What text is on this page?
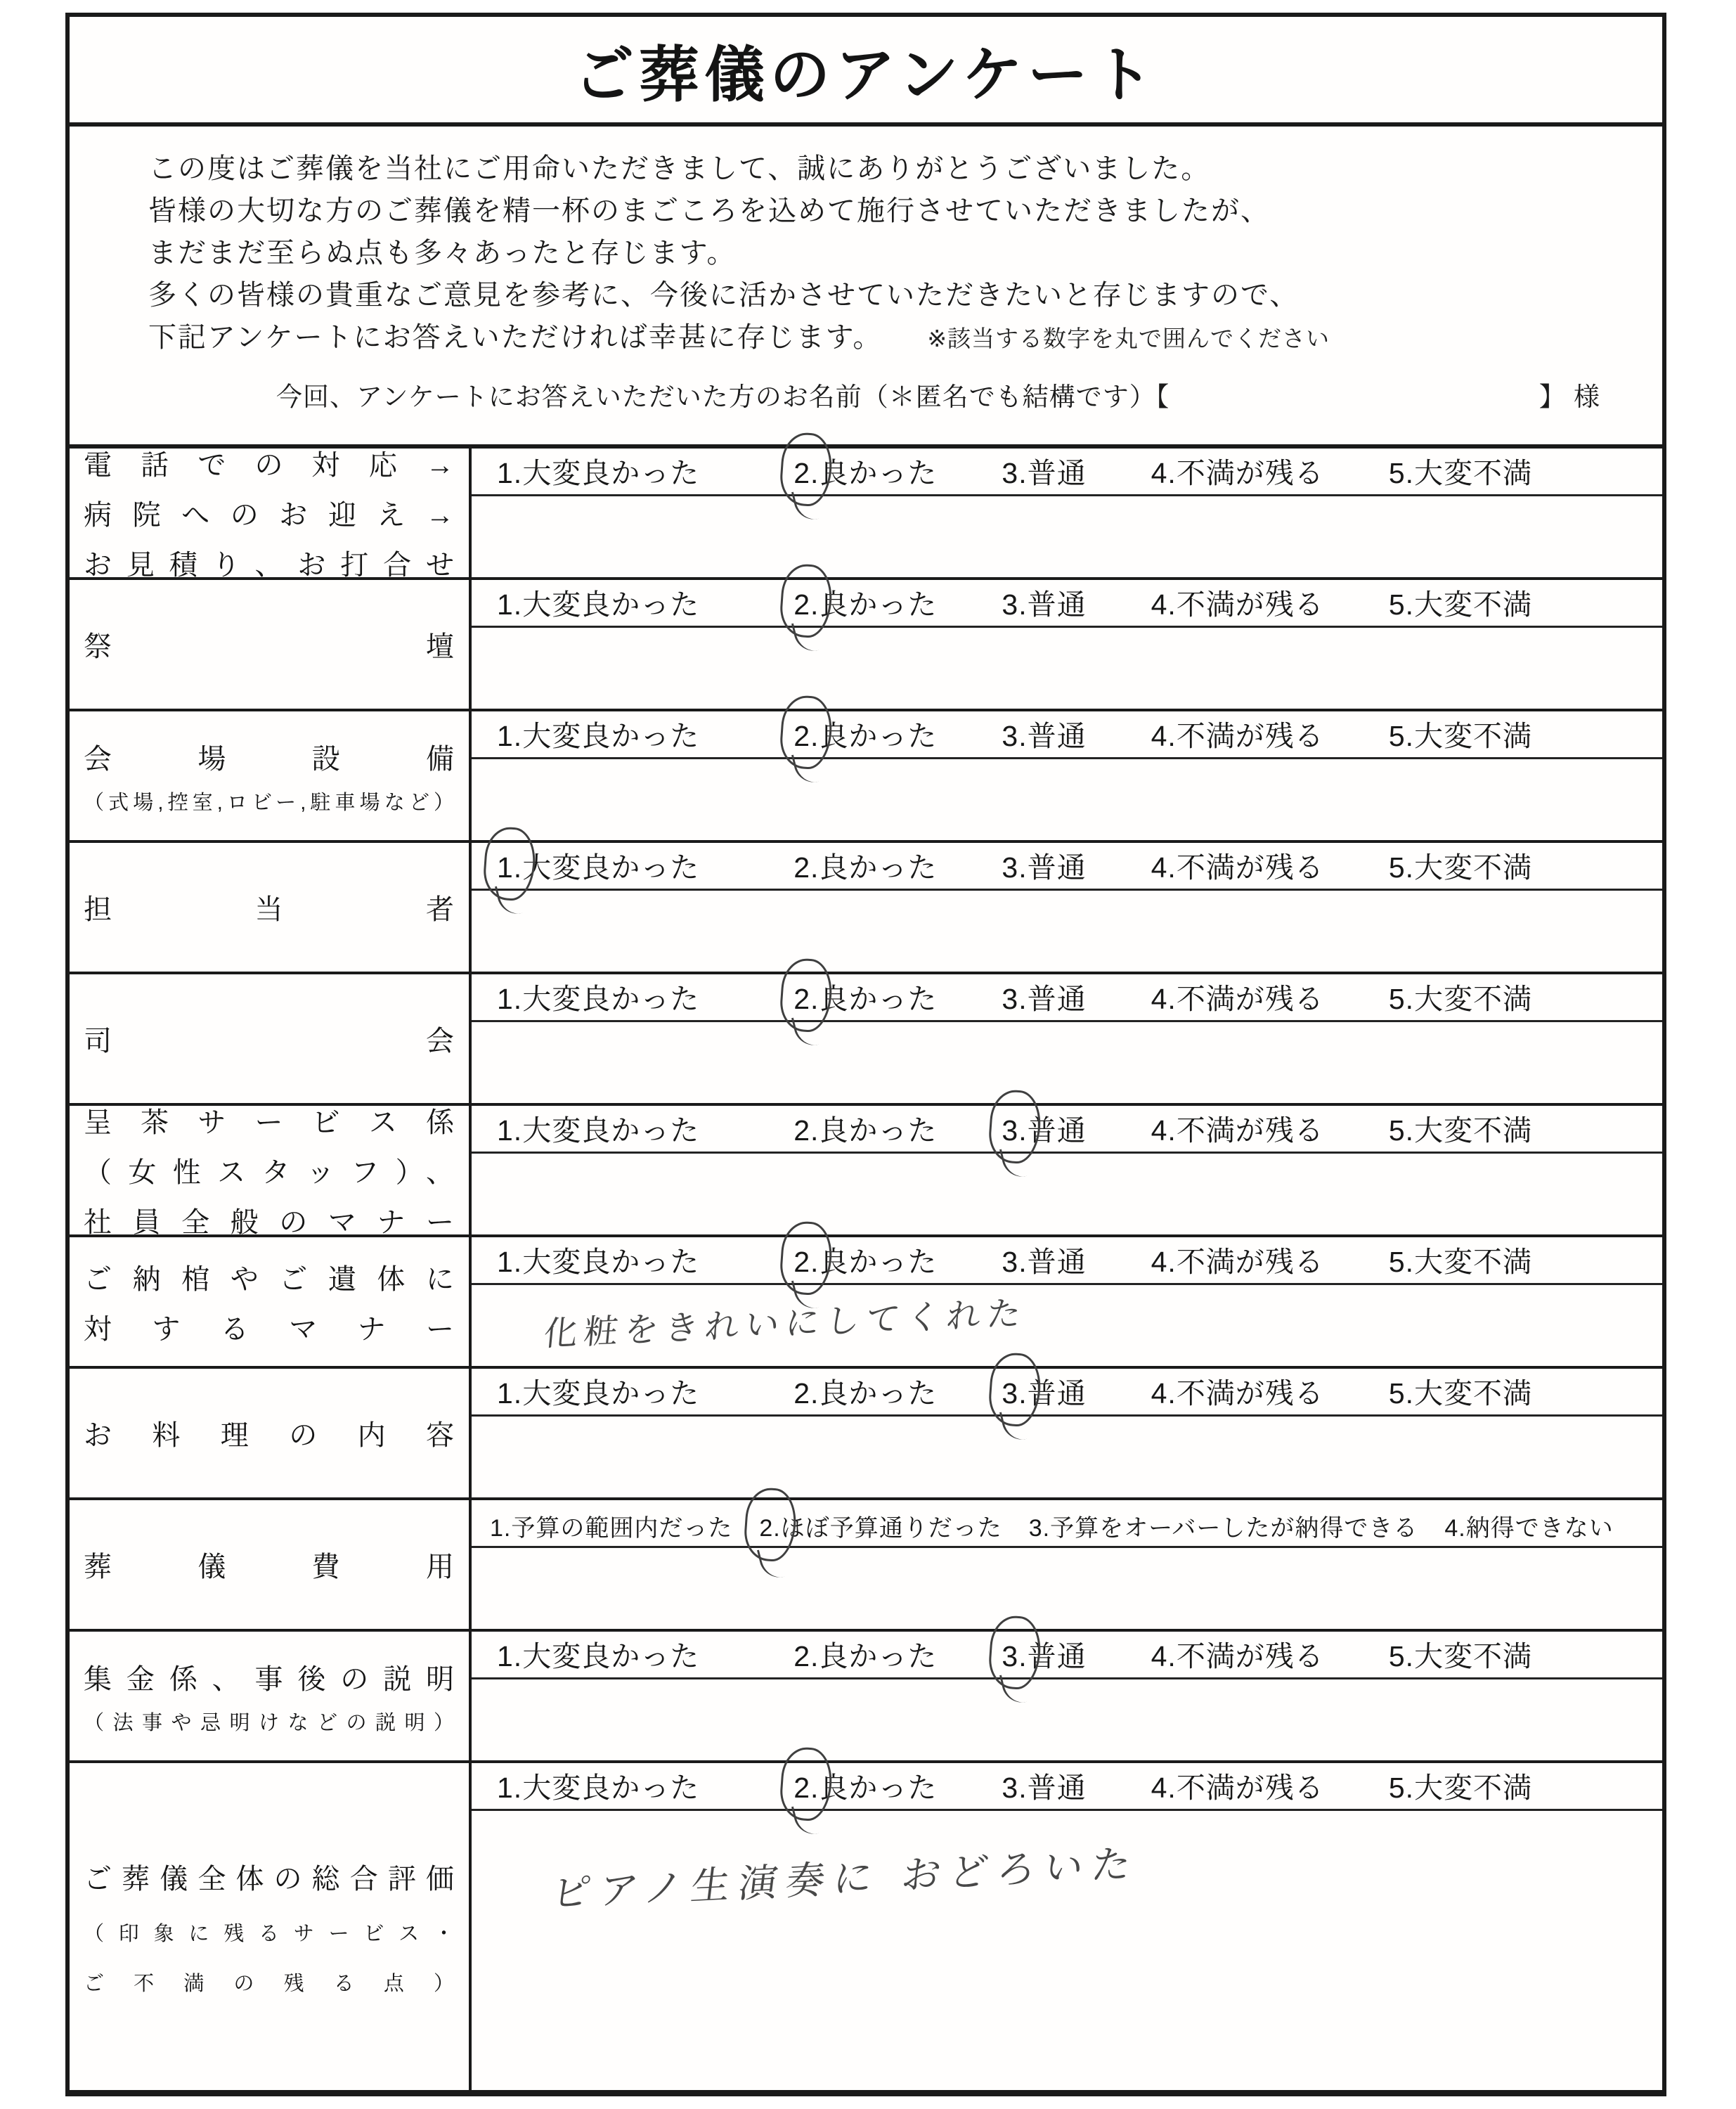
ご葬儀のアンケート

この度はご葬儀を当社にご用命いただきまして、誠にありがとうございました。

皆様の大切な方のご葬儀を精一杯のまごころを込めて施行させていただきましたが、

まだまだ至らぬ点も多々あったと存じます。

多くの皆様の貴重なご意見を参考に、今後に活かさせていただきたいと存じますので、

下記アンケートにお答えいただければ幸甚に存じます。 ※該当する数字を丸で囲んでください

今回、アンケートにお答えいただいた方のお名前（＊匿名でも結構です）【	】 様
電話での対応→
病院へのお迎え→
お見積り、お打合せ
1.大変良かった	2.良かった 3.普通 4.不満が残る 5.大変不満
祭壇
1.大変良かった	2.良かった 3.普通 4.不満が残る 5.大変不満
会場設備
（式場,控室,ロビー,駐車場など）
1.大変良かった	2.良かった 3.普通 4.不満が残る 5.大変不満
担当者
1.大変良かった	2.良かった 3.普通 4.不満が残る 5.大変不満
司会
1.大変良かった	2.良かった 3.普通 4.不満が残る 5.大変不満
呈茶サービス係
（女性スタッフ）、
社員全般のマナー
1.大変良かった	2.良かった 3.普通 4.不満が残る 5.大変不満
ご納棺やご遺体に
対するマナー
1.大変良かった	2.良かった 3.普通 4.不満が残る 5.大変不満
化粧をきれいにしてくれた
お料理の内容
1.大変良かった	2.良かった 3.普通 4.不満が残る 5.大変不満
葬儀費用
1.予算の範囲内だった 2.ほぼ予算通りだった 3.予算をオーバーしたが納得できる 4.納得できない
集金係、事後の説明
（法事や忌明けなどの説明）
1.大変良かった	2.良かった 3.普通 4.不満が残る 5.大変不満
ご葬儀全体の総合評価
（印象に残るサービス・
ご不満の残る点）
1.大変良かった	2.良かった 3.普通 4.不満が残る 5.大変不満
ピアノ生演奏に おどろいた
